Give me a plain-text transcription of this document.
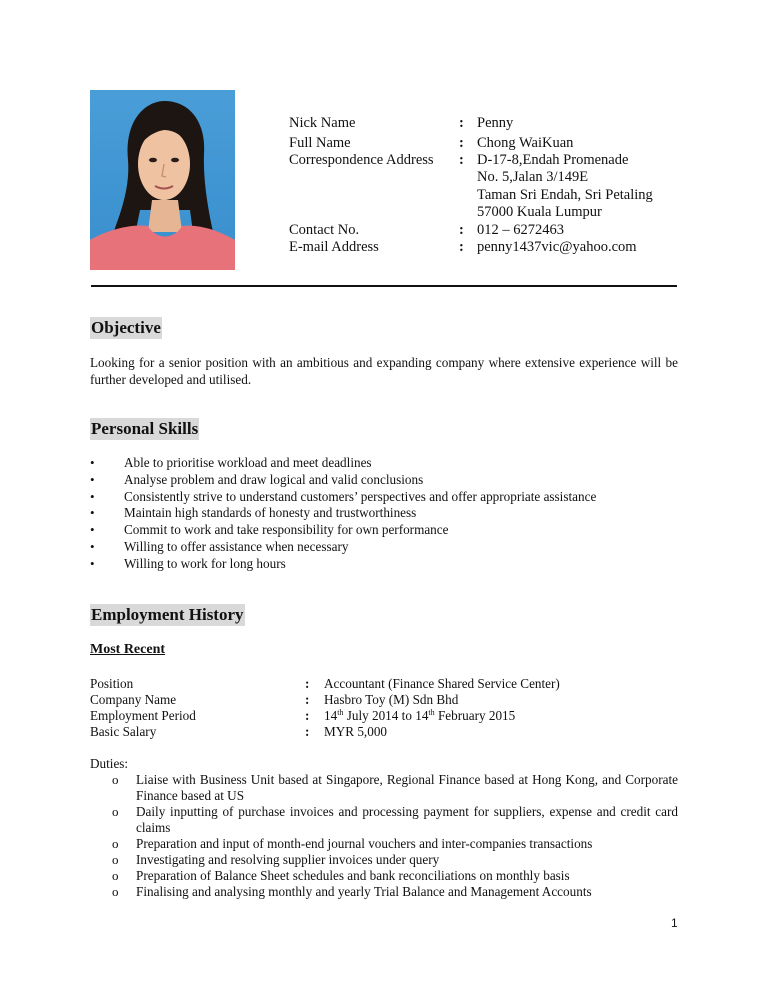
Nick Name	: Penny
Full Name	: Chong WaiKuan
Correspondence Address : D-17-8,Endah Promenade
No. 5,Jalan 3/149E
Taman Sri Endah, Sri Petaling
57000 Kuala Lumpur
Contact No.	: 012 – 6272463
E-mail Address	: penny1437vic@yahoo.com
Objective
Looking for a senior position with an ambitious and expanding company where extensive experience will be further developed and utilised.
Personal Skills
• Able to prioritise workload and meet deadlines
• Analyse problem and draw logical and valid conclusions
• Consistently strive to understand customers’ perspectives and offer appropriate assistance
• Maintain high standards of honesty and trustworthiness
• Commit to work and take responsibility for own performance
• Willing to offer assistance when necessary
• Willing to work for long hours
Employment History
Most Recent
Position	: Accountant (Finance Shared Service Center)
Company Name	: Hasbro Toy (M) Sdn Bhd
Employment Period	: 14th July 2014 to 14th February 2015
Basic Salary	: MYR 5,000
Duties:
o Liaise with Business Unit based at Singapore, Regional Finance based at Hong Kong, and Corporate Finance based at US
o Daily inputting of purchase invoices and processing payment for suppliers, expense and credit card claims
o Preparation and input of month-end journal vouchers and inter-companies transactions
o Investigating and resolving supplier invoices under query
o Preparation of Balance Sheet schedules and bank reconciliations on monthly basis
o Finalising and analysing monthly and yearly Trial Balance and Management Accounts
1
